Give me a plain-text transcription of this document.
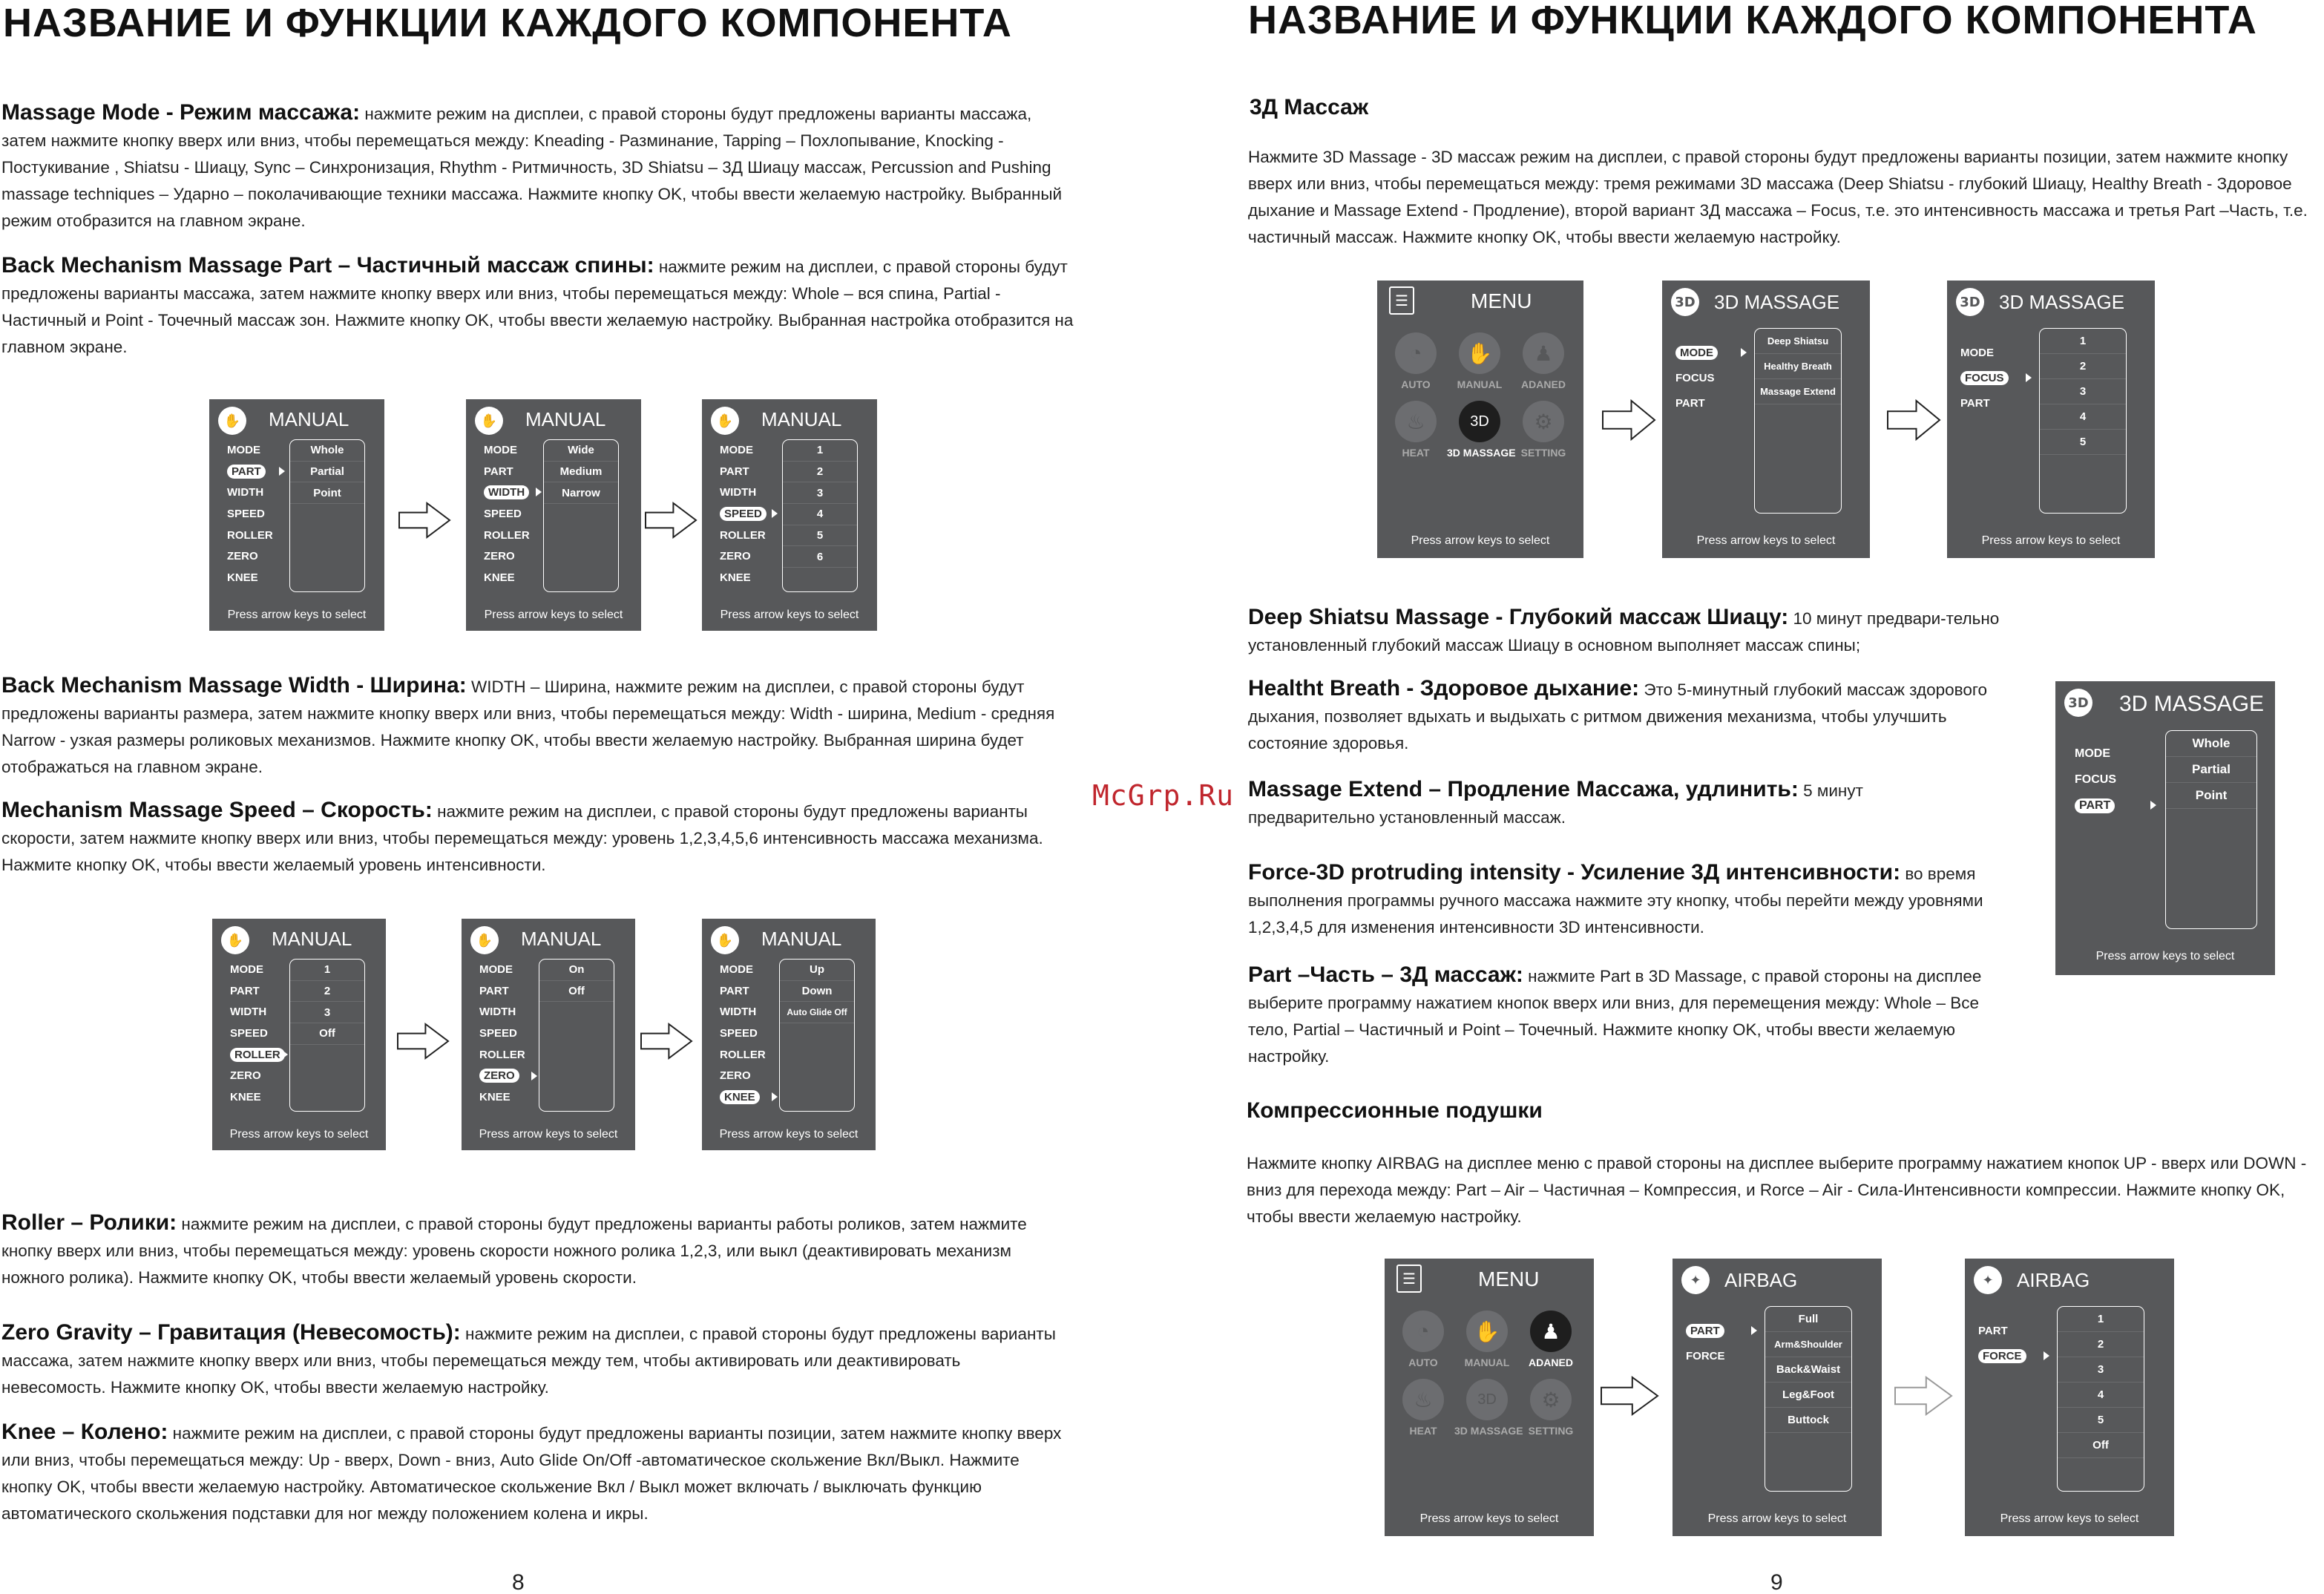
НАЗВАНИЕ И ФУНКЦИИ КАЖДОГО КОМПОНЕНТА
Massage Mode - Режим массажа: нажмите режим на дисплеи, с правой стороны будут предложены варианты массажа, затем нажмите кнопку вверх или вниз, чтобы перемещаться между: Kneading - Разминание, Tapping – Похлопывание, Knocking - Постукивание , Shiatsu - Шиацу, Sync – Синхронизация, Rhythm - Ритмичность, 3D Shiatsu – 3Д Шиацу массаж, Percussion and Pushing massage techniques – Ударно – поколачивающие техники массажа. Нажмите кнопку OK, чтобы ввести желаемую настройку. Выбранный режим отобразится на главном экране.
Back Mechanism Massage Part – Частичный массаж спины: нажмите режим на дисплеи, с правой стороны будут предложены варианты массажа, затем нажмите кнопку вверх или вниз, чтобы перемещаться между: Whole – вся спина, Partial - Частичный и Point - Точечный массаж зон. Нажмите кнопку OK, чтобы ввести желаемую настройку. Выбранная настройка отобразится на главном экране.
✋ MANUAL
MODE
PART
WIDTH
SPEED
ROLLER
ZERO
KNEE
Whole
Partial
Point
Press arrow keys to select
✋ MANUAL
MODE
PART
WIDTH
SPEED
ROLLER
ZERO
KNEE
Wide
Medium
Narrow
Press arrow keys to select
✋ MANUAL
MODE
PART
WIDTH
SPEED
ROLLER
ZERO
KNEE
1
2
3
4
5
6
Press arrow keys to select
Back Mechanism Massage Width - Ширина: WIDTH – Ширина, нажмите режим на дисплеи, с правой стороны будут предложены варианты размера, затем нажмите кнопку вверх или вниз, чтобы перемещаться между: Width - ширина, Medium - средняя Narrow - узкая размеры роликовых механизмов. Нажмите кнопку OK, чтобы ввести желаемую настройку. Выбранная ширина будет отображаться на главном экране.
Mechanism Massage Speed – Скорость: нажмите режим на дисплеи, с правой стороны будут предложены варианты скорости, затем нажмите кнопку вверх или вниз, чтобы перемещаться между: уровень 1,2,3,4,5,6 интенсивность массажа механизма. Нажмите кнопку OK, чтобы ввести желаемый уровень интенсивности.
✋ MANUAL
MODE
PART
WIDTH
SPEED
ROLLER
ZERO
KNEE
1
2
3
Off
Press arrow keys to select
✋ MANUAL
MODE
PART
WIDTH
SPEED
ROLLER
ZERO
KNEE
On
Off
Press arrow keys to select
✋ MANUAL
MODE
PART
WIDTH
SPEED
ROLLER
ZERO
KNEE
Up
Down
Auto Glide Off
Press arrow keys to select
Roller – Ролики: нажмите режим на дисплеи, с правой стороны будут предложены варианты работы роликов, затем нажмите кнопку вверх или вниз, чтобы перемещаться между: уровень скорости ножного ролика 1,2,3, или выкл (деактивировать механизм ножного ролика). Нажмите кнопку OK, чтобы ввести желаемый уровень скорости.
Zero Gravity – Гравитация (Невесомость): нажмите режим на дисплеи, с правой стороны будут предложены варианты массажа, затем нажмите кнопку вверх или вниз, чтобы перемещаться между тем, чтобы активировать или деактивировать невесомость. Нажмите кнопку OK, чтобы ввести желаемую настройку.
Knee – Колено: нажмите режим на дисплеи, с правой стороны будут предложены варианты позиции, затем нажмите кнопку вверх или вниз, чтобы перемещаться между: Up - вверх, Down - вниз, Auto Glide On/Off -автоматическое скольжение Вкл/Выкл. Нажмите кнопку OK, чтобы ввести желаемую настройку. Автоматическое скольжение Вкл / Выкл может включать / выключать функцию автоматического скольжения подставки для ног между положением колена и икры.
8
McGrp.Ru
НАЗВАНИЕ И ФУНКЦИИ КАЖДОГО КОМПОНЕНТА
3Д Массаж
Нажмите 3D Massage - 3D массаж режим на дисплеи, с правой стороны будут предложены варианты позиции, затем нажмите кнопку вверх или вниз, чтобы перемещаться между: тремя режимами 3D массажа (Deep Shiatsu - глубокий Шиацу, Healthy Breath - Здоровое дыхание и Massage Extend - Продление), второй вариант 3Д массажа – Focus, т.е. это интенсивность массажа и третья Part –Часть, т.е. частичный массаж. Нажмите кнопку OK, чтобы ввести желаемую настройку.
☰	MENU
◔
AUTO
✋
MANUAL
♟
ADANED
♨
HEAT
3D
3D MASSAGE
⚙
SETTING
Press arrow keys to select
3D 3D MASSAGE
MODE
FOCUS
PART
Deep Shiatsu
Healthy Breath
Massage Extend
Press arrow keys to select
3D 3D MASSAGE
MODE
FOCUS
PART
1
2
3
4
5
Press arrow keys to select
Deep Shiatsu Massage - Глубокий массаж Шиацу: 10 минут предвари-тельно установленный глубокий массаж Шиацу в основном выполняет массаж спины;
Healtht Breath - Здоровое дыхание: Это 5-минутный глубокий массаж здорового дыхания, позволяет вдыхать и выдыхать с ритмом движения механизма, чтобы улучшить состояние здоровья.
Massage Extend – Продление Массажа, удлинить: 5 минут предварительно установленный массаж.
3D 3D MASSAGE
MODE
FOCUS
PART
Whole
Partial
Point
Press arrow keys to select
Force-3D protruding intensity - Усиление 3Д интенсивности: во время выполнения программы ручного массажа нажмите эту кнопку, чтобы перейти между уровнями 1,2,3,4,5 для изменения интенсивности 3D интенсивности.
Part –Часть – 3Д массаж: нажмите Part в 3D Massage, с правой стороны на дисплее выберите программу нажатием кнопок вверх или вниз, для перемещения между: Whole – Все тело, Partial – Частичный и Point – Точечный. Нажмите кнопку OK, чтобы ввести желаемую настройку.
Компрессионные подушки
Нажмите кнопку AIRBAG на дисплее меню с правой стороны на дисплее выберите программу нажатием кнопок UP - вверх или DOWN - вниз для перехода между: Part – Air – Частичная – Компрессия, и Rorce – Air - Сила-Интенсивности компрессии. Нажмите кнопку OK, чтобы ввести желаемую настройку.
☰	MENU
◔
AUTO
✋
MANUAL
♟
ADANED
♨
HEAT
3D
3D MASSAGE
⚙
SETTING
Press arrow keys to select
✦	AIRBAG
PART
FORCE
Full
Arm&Shoulder
Back&Waist
Leg&Foot
Buttock
Press arrow keys to select
✦	AIRBAG
PART
FORCE
1
2
3
4
5
Off
Press arrow keys to select
9
